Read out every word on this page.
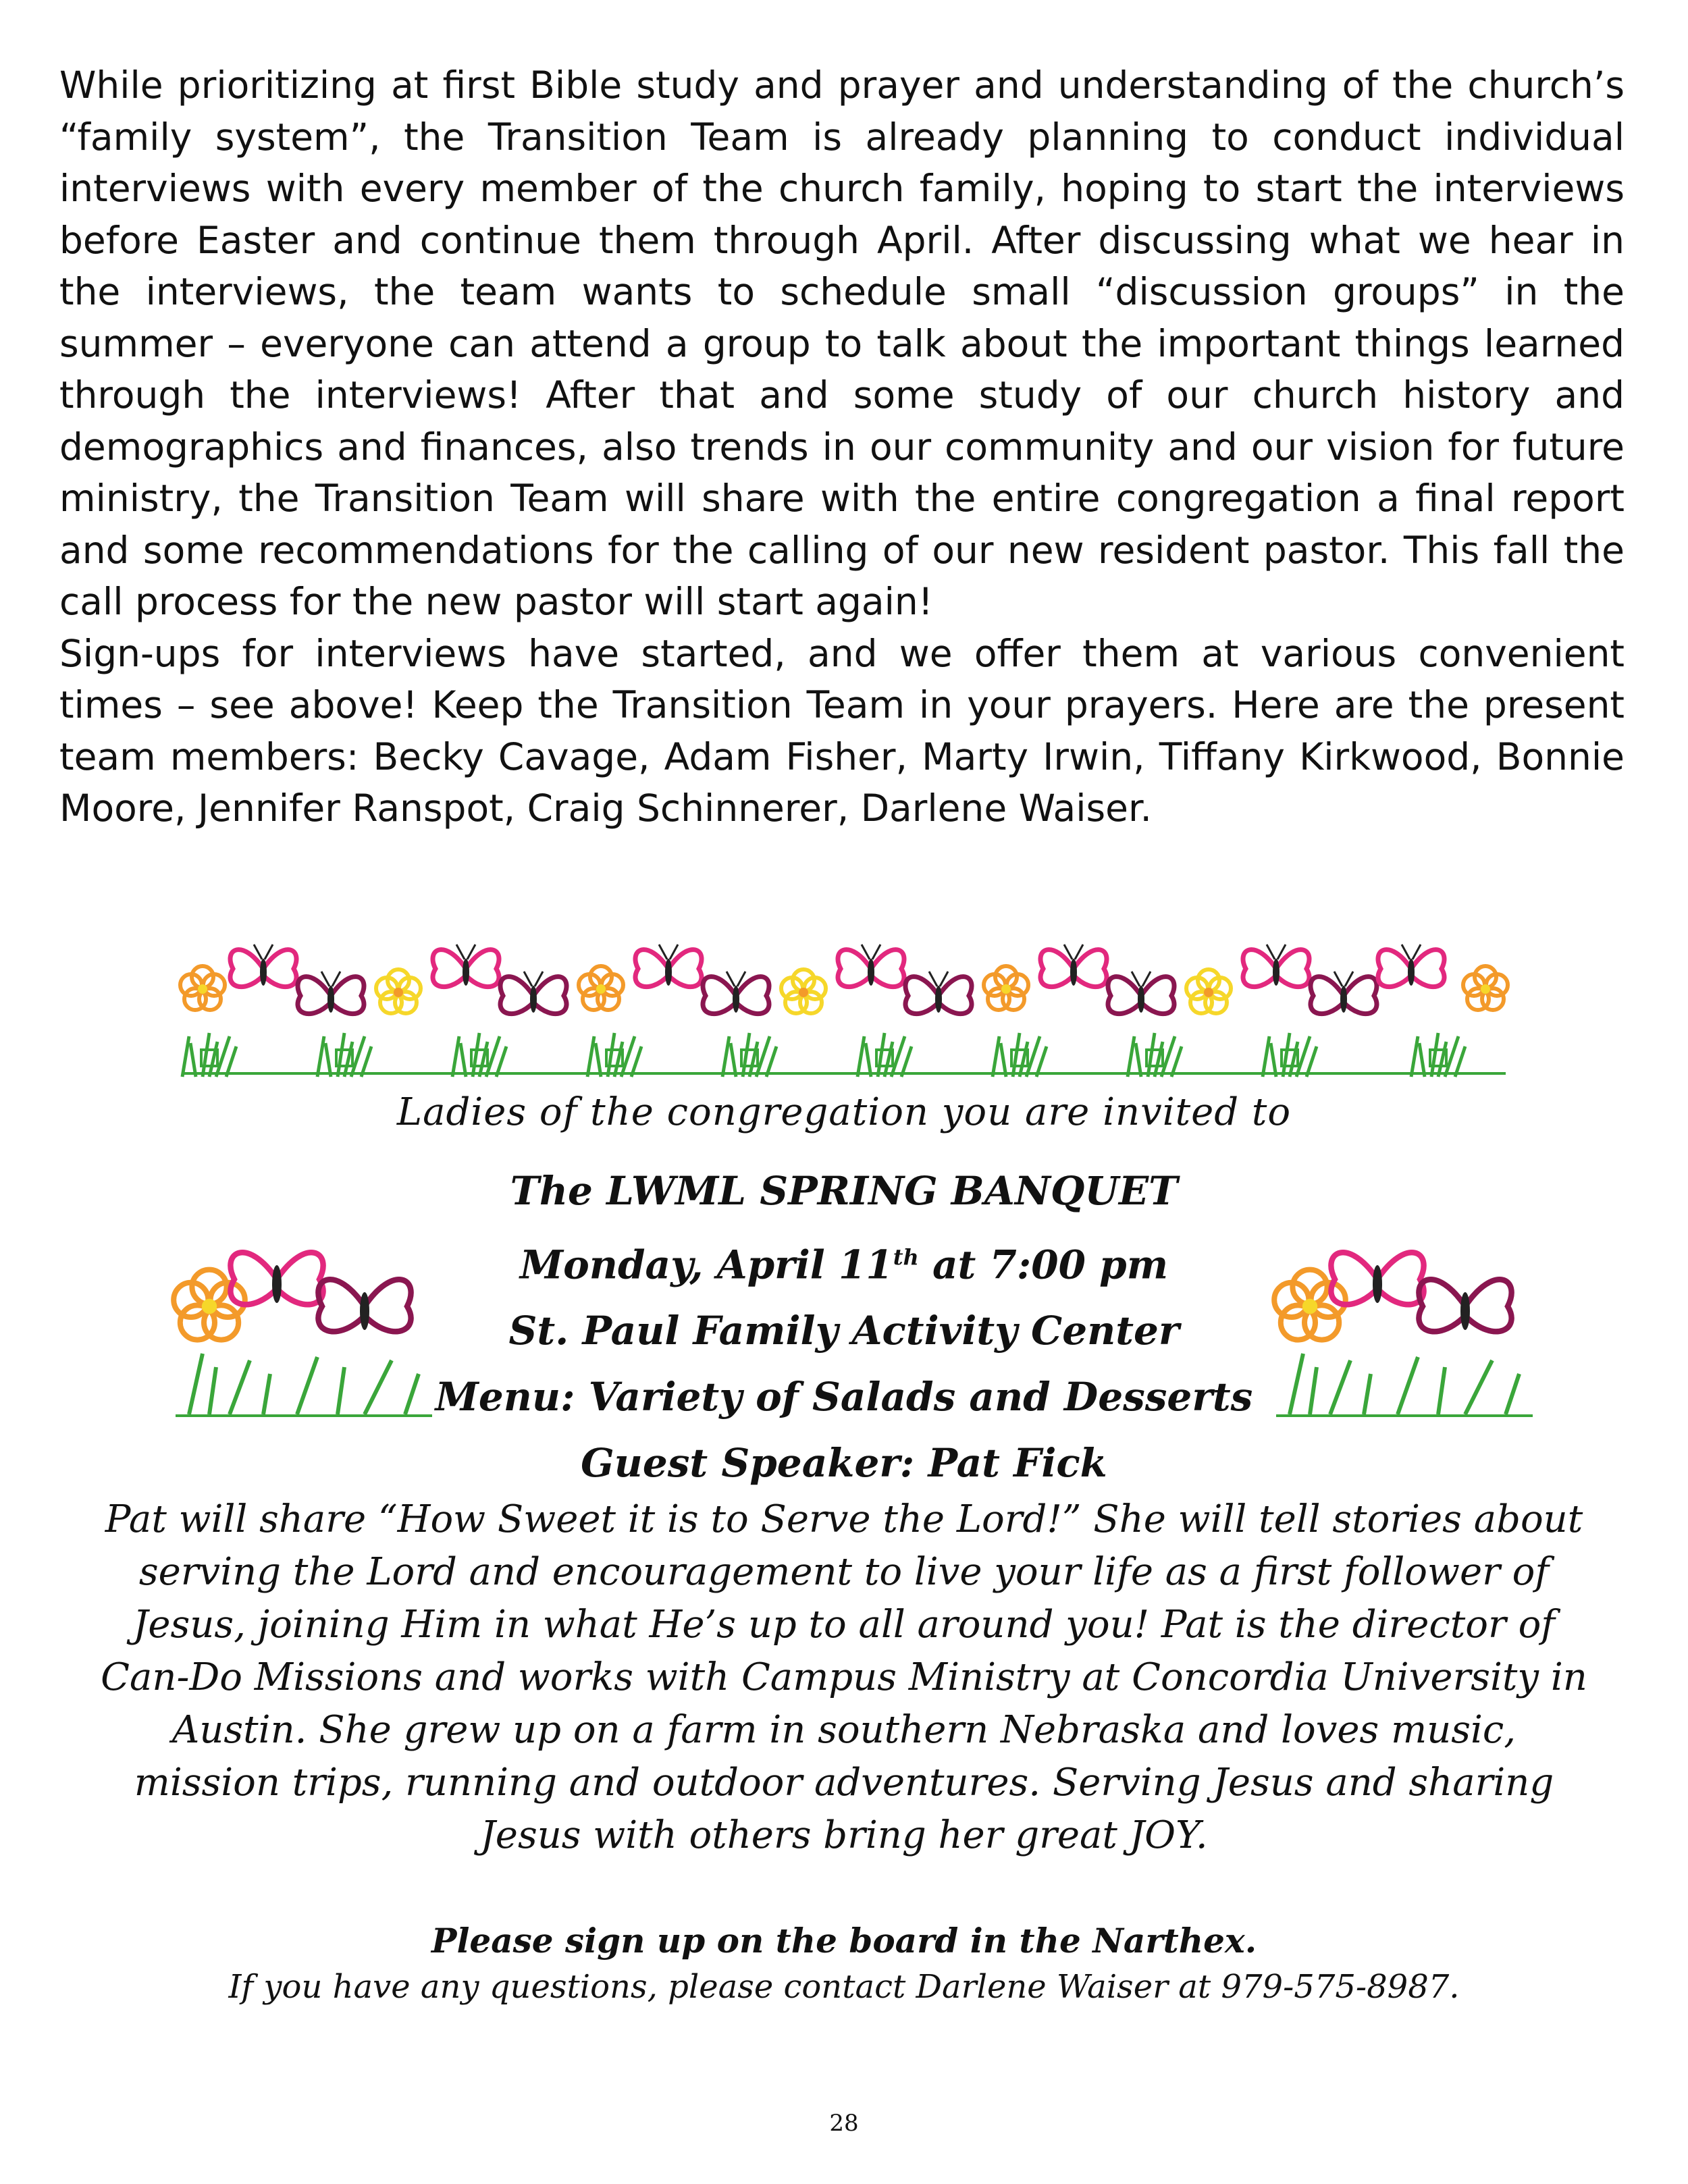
While prioritizing at first Bible study and prayer and understanding of the church’s “family system”, the Transition Team is already planning to conduct individual interviews with every member of the church family, hoping to start the interviews before Easter and continue them through April. After discussing what we hear in the interviews, the team wants to schedule small “discussion groups” in the summer – everyone can attend a group to talk about the important things learned through the interviews! After that and some study of our church history and demographics and finances, also trends in our community and our vision for future ministry, the Transition Team will share with the entire congregation a final report and some recommendations for the calling of our new resident pastor. This fall the call process for the new pastor will start again!

Sign-ups for interviews have started, and we offer them at various convenient times – see above! Keep the Transition Team in your prayers. Here are the present team members: Becky Cavage, Adam Fisher, Marty Irwin, Tiffany Kirkwood, Bonnie Moore, Jennifer Ranspot, Craig Schinnerer, Darlene Waiser.

Ladies of the congregation you are invited to

The LWML SPRING BANQUET
Monday, April 11th at 7:00 pm
St. Paul Family Activity Center
Menu: Variety of Salads and Desserts
Guest Speaker: Pat Fick

Pat will share “How Sweet it is to Serve the Lord!” She will tell stories about serving the Lord and encouragement to live your life as a first follower of Jesus, joining Him in what He’s up to all around you! Pat is the director of Can-Do Missions and works with Campus Ministry at Concordia University in Austin. She grew up on a farm in southern Nebraska and loves music, mission trips, running and outdoor adventures. Serving Jesus and sharing Jesus with others bring her great JOY.

Please sign up on the board in the Narthex.

If you have any questions, please contact Darlene Waiser at 979-575-8987.

28
